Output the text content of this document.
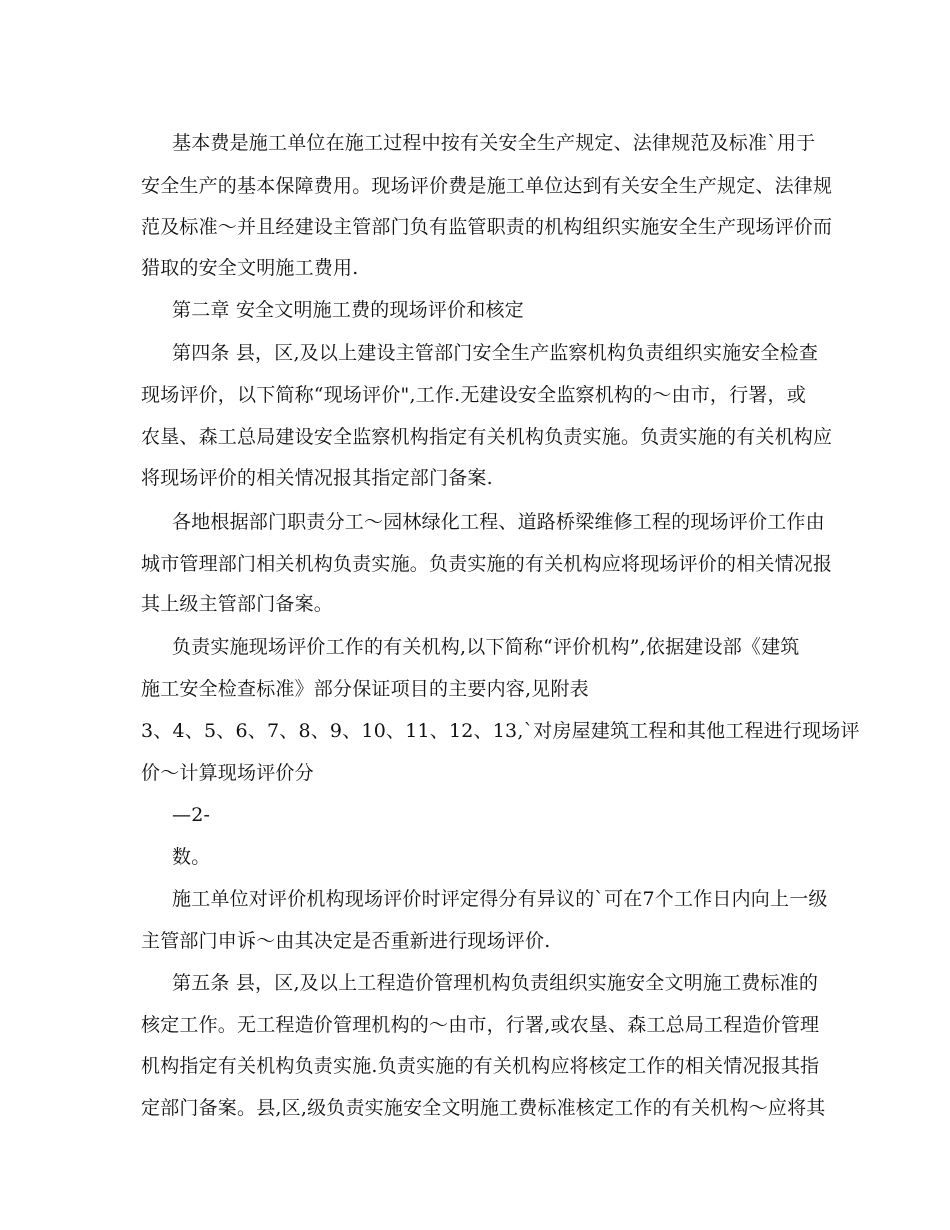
基本费是施工单位在施工过程中按有关安全生产规定、法律规范及标准`用于
安全生产的基本保障费用。现场评价费是施工单位达到有关安全生产规定、法律规
范及标准～并且经建设主管部门负有监管职责的机构组织实施安全生产现场评价而
猎取的安全文明施工费用.
第二章 安全文明施工费的现场评价和核定
第四条 县，区,及以上建设主管部门安全生产监察机构负责组织实施安全检查
现场评价，以下简称“现场评价",工作.无建设安全监察机构的～由市，行署，或
农垦、森工总局建设安全监察机构指定有关机构负责实施。负责实施的有关机构应
将现场评价的相关情况报其指定部门备案.
各地根据部门职责分工～园林绿化工程、道路桥梁维修工程的现场评价工作由
城市管理部门相关机构负责实施。负责实施的有关机构应将现场评价的相关情况报
其上级主管部门备案。
负责实施现场评价工作的有关机构,以下简称“评价机构”,依据建设部《建筑
施工安全检查标准》部分保证项目的主要内容,见附表
3、4、5、6、7、8、9、10、11、12、13,`对房屋建筑工程和其他工程进行现场评
价～计算现场评价分
—2-
数。
施工单位对评价机构现场评价时评定得分有异议的`可在7个工作日内向上一级
主管部门申诉～由其决定是否重新进行现场评价.
第五条 县，区,及以上工程造价管理机构负责组织实施安全文明施工费标准的
核定工作。无工程造价管理机构的～由市，行署,或农垦、森工总局工程造价管理
机构指定有关机构负责实施.负责实施的有关机构应将核定工作的相关情况报其指
定部门备案。县,区,级负责实施安全文明施工费标准核定工作的有关机构～应将其
